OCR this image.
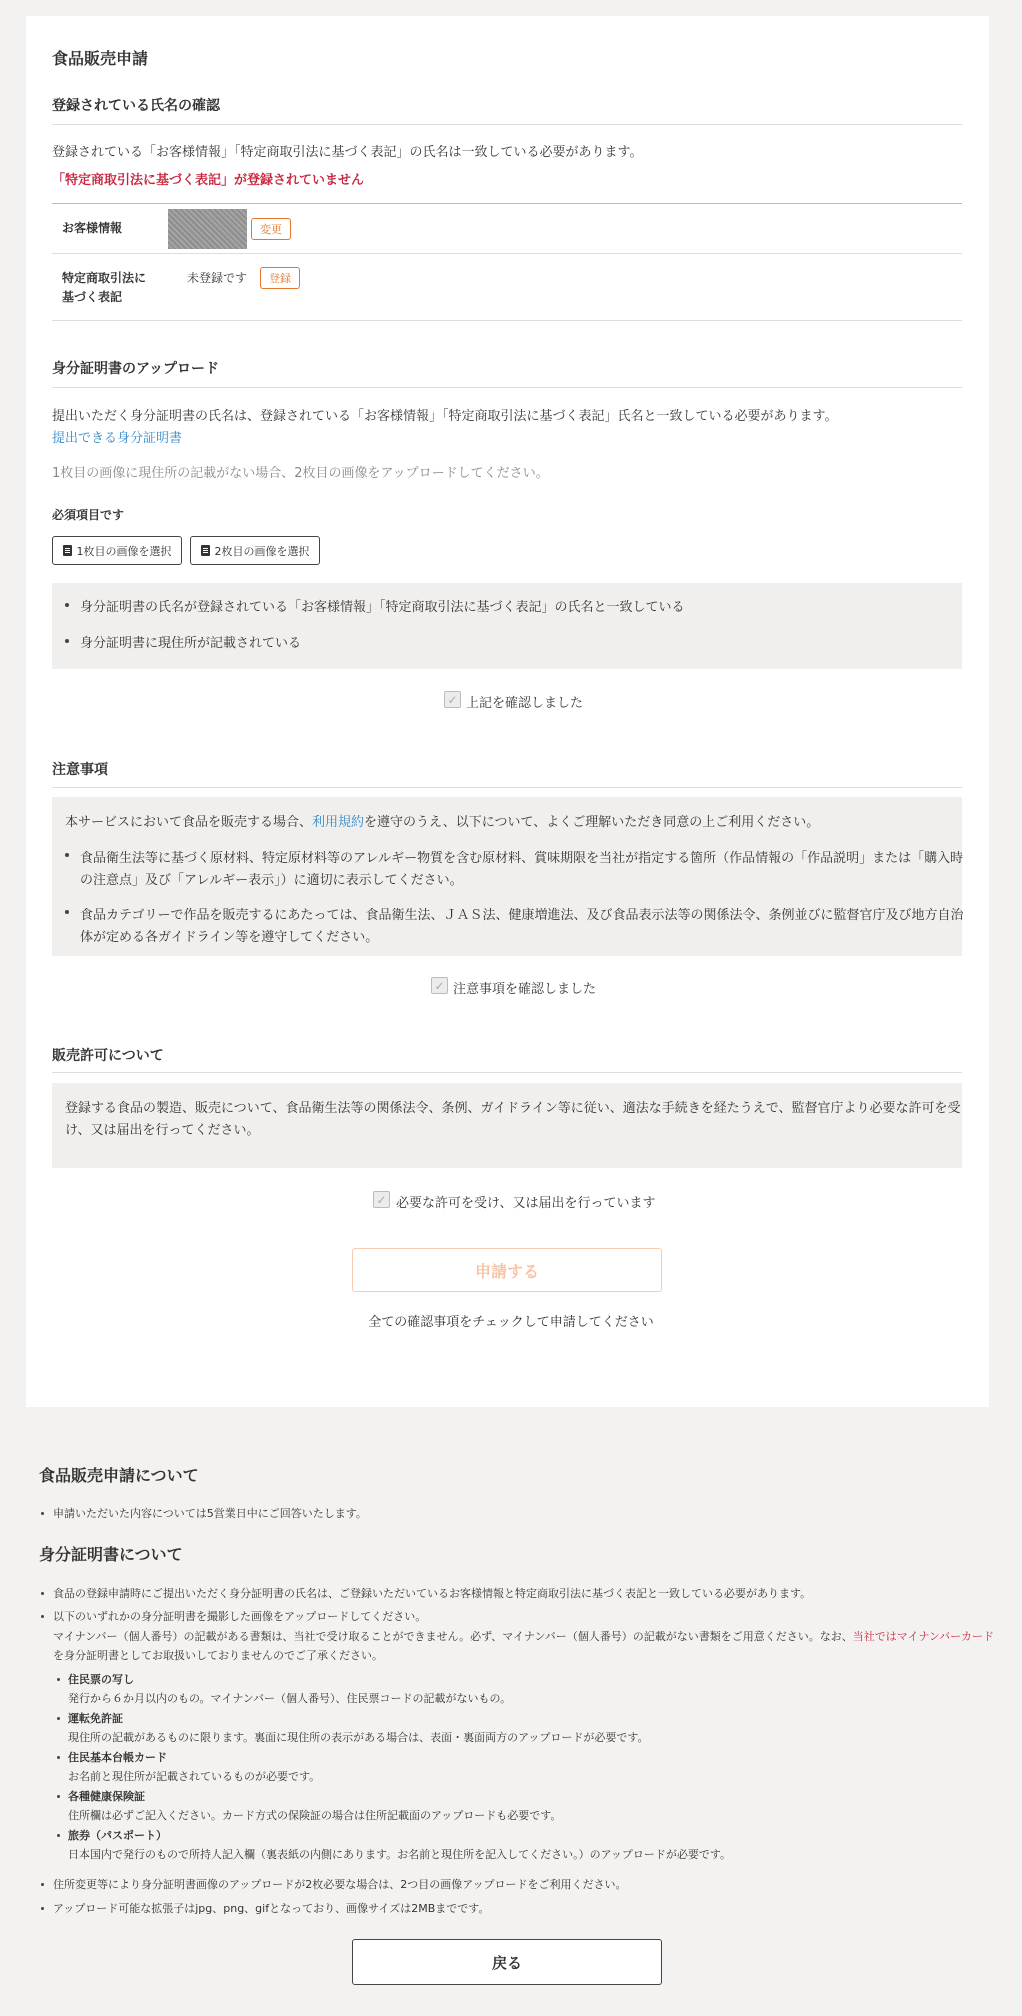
食品販売申請
登録されている氏名の確認
登録されている「お客様情報」「特定商取引法に基づく表記」の氏名は一致している必要があります。
「特定商取引法に基づく表記」が登録されていません
お客様情報	変更
特定商取引法に
基づく表記
未登録です	登録
身分証明書のアップロード
提出いただく身分証明書の氏名は、登録されている「お客様情報」「特定商取引法に基づく表記」氏名と一致している必要があります。
提出できる身分証明書
1枚目の画像に現住所の記載がない場合、2枚目の画像をアップロードしてください。
必須項目です
1枚目の画像を選択	2枚目の画像を選択
身分証明書の氏名が登録されている「お客様情報」「特定商取引法に基づく表記」の氏名と一致している
身分証明書に現住所が記載されている
✓ 上記を確認しました
注意事項
本サービスにおいて食品を販売する場合、利用規約を遵守のうえ、以下について、よくご理解いただき同意の上ご利用ください。
食品衛生法等に基づく原材料、特定原材料等のアレルギー物質を含む原材料、賞味期限を当社が指定する箇所（作品情報の「作品説明」または「購入時
の注意点」及び「アレルギー表示」）に適切に表示してください。
食品カテゴリーで作品を販売するにあたっては、食品衛生法、ＪＡＳ法、健康増進法、及び食品表示法等の関係法令、条例並びに監督官庁及び地方自治
体が定める各ガイドライン等を遵守してください。
✓ 注意事項を確認しました
販売許可について
登録する食品の製造、販売について、食品衛生法等の関係法令、条例、ガイドライン等に従い、適法な手続きを経たうえで、監督官庁より必要な許可を受
け、又は届出を行ってください。
✓ 必要な許可を受け、又は届出を行っています
申請する
全ての確認事項をチェックして申請してください
食品販売申請について
申請いただいた内容については5営業日中にご回答いたします。
身分証明書について
食品の登録申請時にご提出いただく身分証明書の氏名は、ご登録いただいているお客様情報と特定商取引法に基づく表記と一致している必要があります。
以下のいずれかの身分証明書を撮影した画像をアップロードしてください。
マイナンバー（個人番号）の記載がある書類は、当社で受け取ることができません。必ず、マイナンバー（個人番号）の記載がない書類をご用意ください。なお、当社ではマイナンバーカード
を身分証明書としてお取扱いしておりませんのでご了承ください。
住民票の写し
発行から６か月以内のもの。マイナンバー（個人番号）、住民票コードの記載がないもの。
運転免許証
現住所の記載があるものに限ります。裏面に現住所の表示がある場合は、表面・裏面両方のアップロードが必要です。
住民基本台帳カード
お名前と現住所が記載されているものが必要です。
各種健康保険証
住所欄は必ずご記入ください。カード方式の保険証の場合は住所記載面のアップロードも必要です。
旅券（パスポート）
日本国内で発行のもので所持人記入欄（裏表紙の内側にあります。お名前と現住所を記入してください。）のアップロードが必要です。
住所変更等により身分証明書画像のアップロードが2枚必要な場合は、2つ目の画像アップロードをご利用ください。
アップロード可能な拡張子はjpg、png、gifとなっており、画像サイズは2MBまでです。
戻る
